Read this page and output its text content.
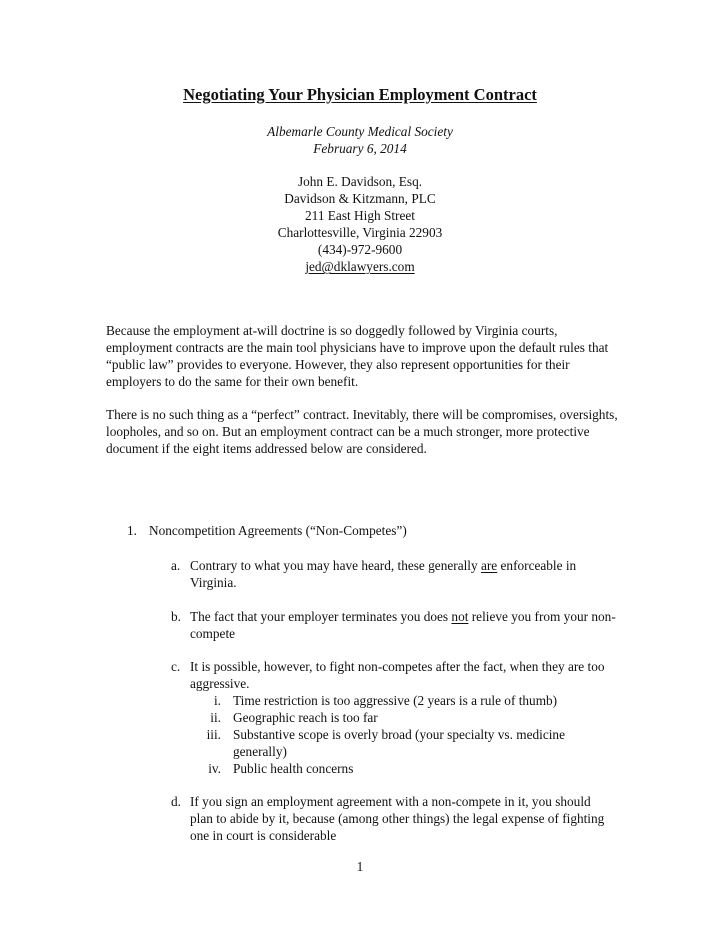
Negotiating Your Physician Employment Contract
Albemarle County Medical Society
February 6, 2014
John E. Davidson, Esq.
Davidson & Kitzmann, PLC
211 East High Street
Charlottesville, Virginia 22903
(434)-972-9600
jed@dklawyers.com
Because the employment at-will doctrine is so doggedly followed by Virginia courts, employment contracts are the main tool physicians have to improve upon the default rules that “public law” provides to everyone. However, they also represent opportunities for their employers to do the same for their own benefit.
There is no such thing as a “perfect” contract. Inevitably, there will be compromises, oversights, loopholes, and so on. But an employment contract can be a much stronger, more protective document if the eight items addressed below are considered.
1. Noncompetition Agreements (“Non-Competes”)
a. Contrary to what you may have heard, these generally are enforceable in Virginia.
b. The fact that your employer terminates you does not relieve you from your non-compete
c. It is possible, however, to fight non-competes after the fact, when they are too aggressive.
i. Time restriction is too aggressive (2 years is a rule of thumb)
ii. Geographic reach is too far
iii. Substantive scope is overly broad (your specialty vs. medicine generally)
iv. Public health concerns
d. If you sign an employment agreement with a non-compete in it, you should plan to abide by it, because (among other things) the legal expense of fighting one in court is considerable
1
